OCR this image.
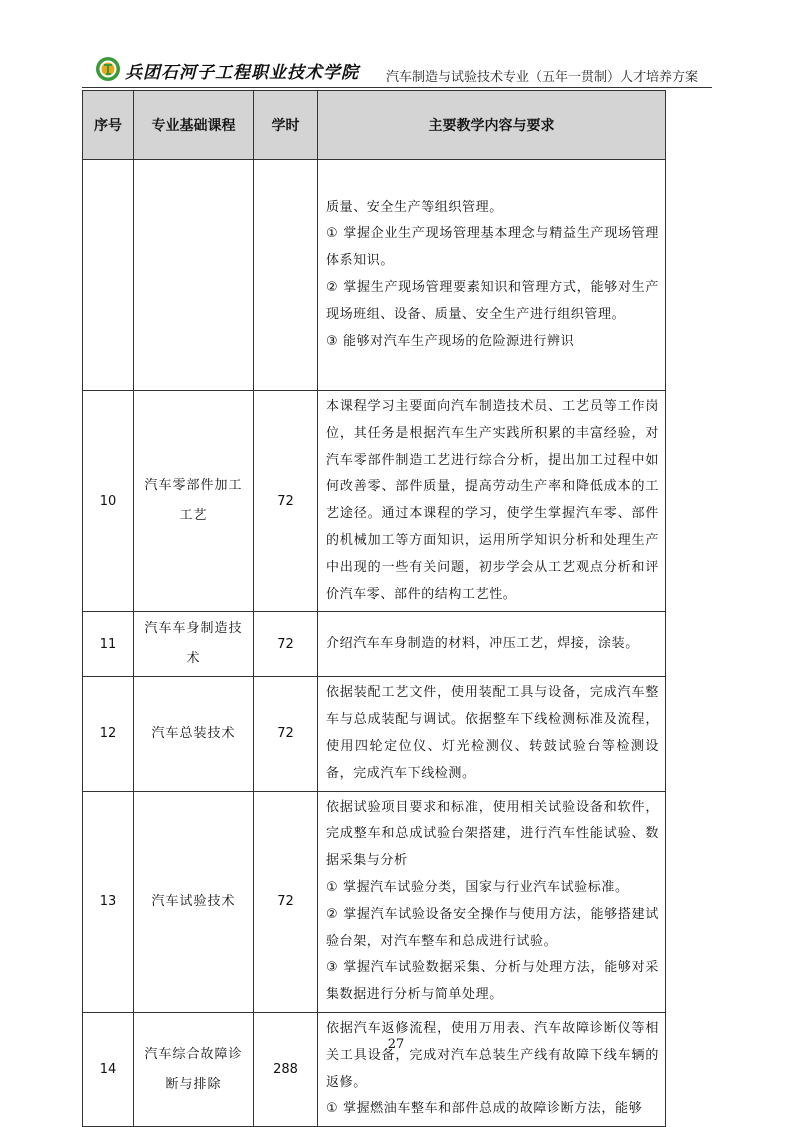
兵团石河子工程职业技术学院 汽车制造与试验技术专业（五年一贯制）人才培养方案
序号	专业基础课程	学时	主要教学内容与要求

			质量、安全生产等组织管理。

① 掌握企业生产现场管理基本理念与精益生产现场管理体系知识。

② 掌握生产现场管理要素知识和管理方式，能够对生产现场班组、设备、质量、安全生产进行组织管理。

③ 能够对汽车生产现场的危险源进行辨识

10	汽车零部件加工工艺	72	本课程学习主要面向汽车制造技术员、工艺员等工作岗位，其任务是根据汽车生产实践所积累的丰富经验，对汽车零部件制造工艺进行综合分析，提出加工过程中如何改善零、部件质量，提高劳动生产率和降低成本的工艺途径。通过本课程的学习，使学生掌握汽车零、部件的机械加工等方面知识，运用所学知识分析和处理生产中出现的一些有关问题，初步学会从工艺观点分析和评价汽车零、部件的结构工艺性。

11	汽车车身制造技术	72	介绍汽车车身制造的材料，冲压工艺，焊接，涂装。

12	汽车总装技术	72	依据装配工艺文件，使用装配工具与设备，完成汽车整车与总成装配与调试。依据整车下线检测标准及流程，使用四轮定位仪、灯光检测仪、转鼓试验台等检测设备，完成汽车下线检测。

13	汽车试验技术	72	依据试验项目要求和标准，使用相关试验设备和软件，完成整车和总成试验台架搭建，进行汽车性能试验、数据采集与分析

① 掌握汽车试验分类，国家与行业汽车试验标准。

② 掌握汽车试验设备安全操作与使用方法，能够搭建试验台架，对汽车整车和总成进行试验。

③ 掌握汽车试验数据采集、分析与处理方法，能够对采集数据进行分析与简单处理。

14	汽车综合故障诊断与排除	288	依据汽车返修流程，使用万用表、汽车故障诊断仪等相关工具设备，完成对汽车总装生产线有故障下线车辆的返修。

① 掌握燃油车整车和部件总成的故障诊断方法，能够

27
